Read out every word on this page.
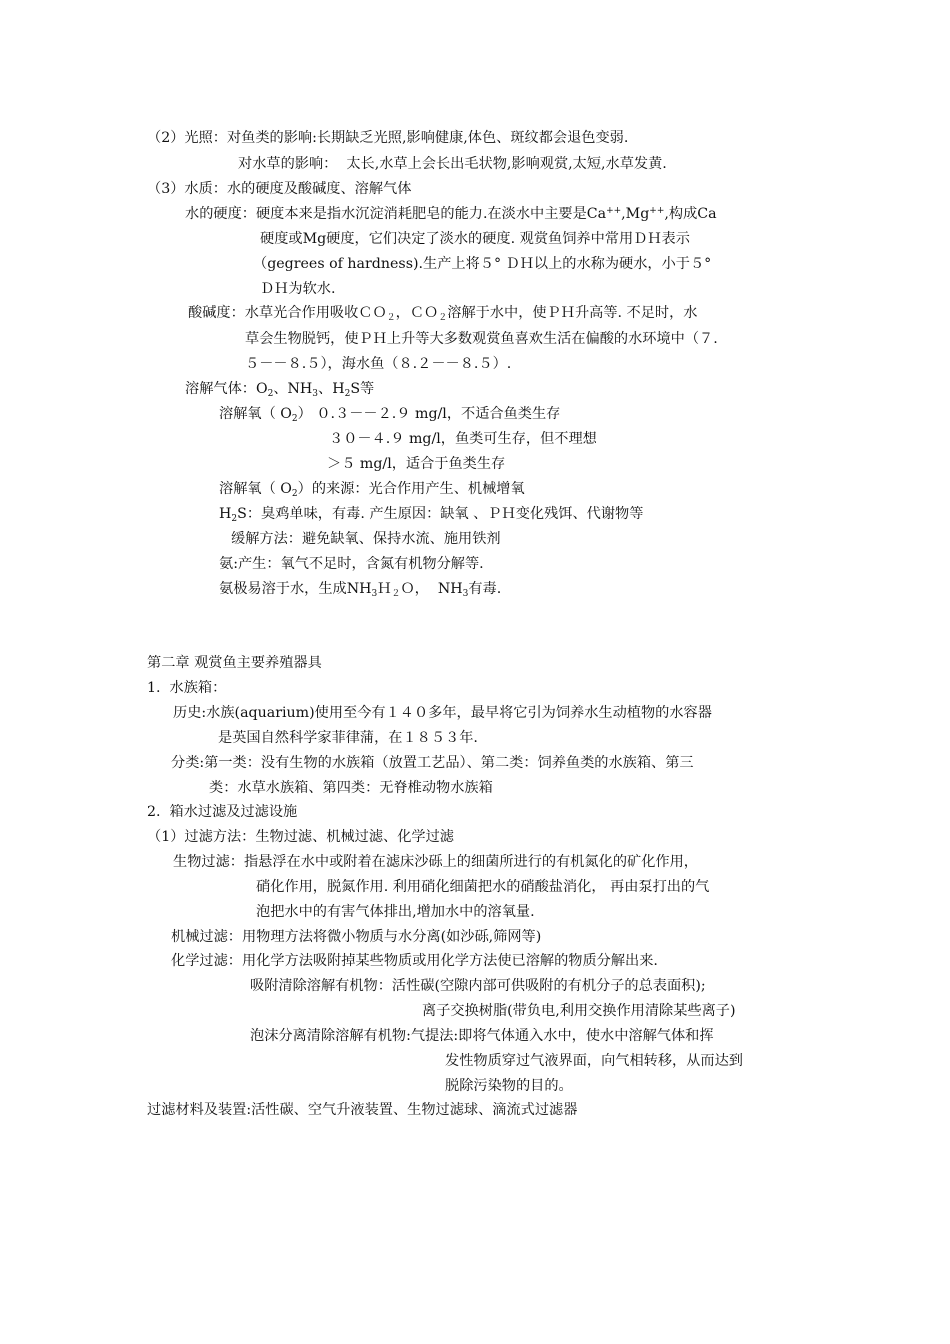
（2）光照：对鱼类的影响:长期缺乏光照,影响健康,体色、斑纹都会退色变弱.
对水草的影响：  太长,水草上会长出毛状物,影响观赏,太短,水草发黄.
（3）水质：水的硬度及酸碱度、溶解气体
水的硬度：硬度本来是指水沉淀消耗肥皂的能力.在淡水中主要是Ca++,Mg++,构成Ca
硬度或Mg硬度，它们决定了淡水的硬度. 观赏鱼饲养中常用ＤＨ表示
（gegrees of hardness).生产上将５° ＤＨ以上的水称为硬水，小于５°
ＤＨ为软水.
酸碱度：水草光合作用吸收ＣＯ$_2$，ＣＯ$_2$溶解于水中，使ＰＨ升高等. 不足时，水
草会生物脱钙，使ＰＨ上升等大多数观赏鱼喜欢生活在偏酸的水环境中（７.
５－－８.５），海水鱼（８.２－－８.５）.
溶解气体：$O_2$、$NH_3$、$H_2S$等
溶解氧（ $O_2$） ０.３－－２.９ mg/l，不适合鱼类生存
３０－４.９ mg/l，鱼类可生存，但不理想
＞５ mg/l，适合于鱼类生存
溶解氧（ $O_2$）的来源：光合作用产生、机械增氧
$H_2S$：臭鸡单味，有毒. 产生原因：缺氧 、ＰＨ变化残饵、代谢物等
缓解方法：避免缺氧、保持水流、施用铁剂
氨:产生：氧气不足时，含氮有机物分解等.
氨极易溶于水，生成$NH_3H_2O$，  $NH_3$有毒.
第二章 观赏鱼主要养殖器具
1.  水族箱：
历史:水族(aquarium)使用至今有１４０多年，最早将它引为饲养水生动植物的水容器
是英国自然科学家菲律蒲，在１８５３年.
分类:第一类：没有生物的水族箱（放置工艺品）、第二类：饲养鱼类的水族箱、第三
类：水草水族箱、第四类：无脊椎动物水族箱
2.  箱水过滤及过滤设施
（1）过滤方法：生物过滤、机械过滤、化学过滤
生物过滤：指悬浮在水中或附着在滤床沙砾上的细菌所进行的有机氮化的矿化作用，
硝化作用，脱氮作用. 利用硝化细菌把水的硝酸盐消化， 再由泵打出的气
泡把水中的有害气体排出,增加水中的溶氧量.
机械过滤：用物理方法将微小物质与水分离(如沙砾,筛网等)
化学过滤：用化学方法吸附掉某些物质或用化学方法使已溶解的物质分解出来.
吸附清除溶解有机物：活性碳(空隙内部可供吸附的有机分子的总表面积);
离子交换树脂(带负电,利用交换作用清除某些离子)
泡沫分离清除溶解有机物:气提法:即将气体通入水中，使水中溶解气体和挥
发性物质穿过气液界面，向气相转移，从而达到
脱除污染物的目的。
过滤材料及装置:活性碳、空气升液装置、生物过滤球、滴流式过滤器
